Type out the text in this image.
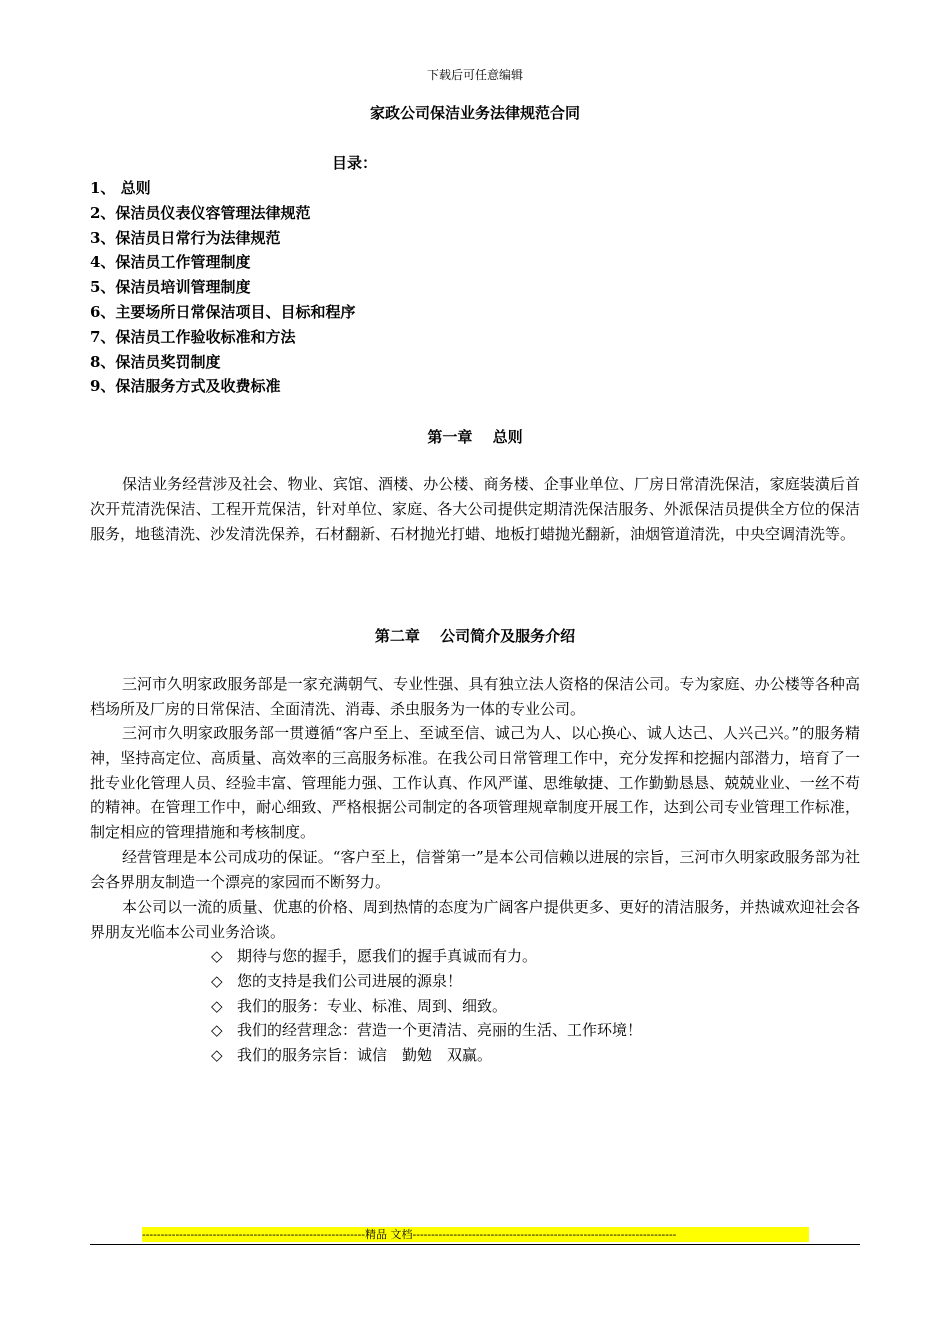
下载后可任意编辑
家政公司保洁业务法律规范合同
目录：
1、 总则
2、保洁员仪表仪容管理法律规范
3、保洁员日常行为法律规范
4、保洁员工作管理制度
5、保洁员培训管理制度
6、主要场所日常保洁项目、目标和程序
7、保洁员工作验收标准和方法
8、保洁员奖罚制度
9、保洁服务方式及收费标准
第一章　 总则

保洁业务经营涉及社会、物业、宾馆、酒楼、办公楼、商务楼、企事业单位、厂房日常清洗保洁，家庭装潢后首次开荒清洗保洁、工程开荒保洁，针对单位、家庭、各大公司提供定期清洗保洁服务、外派保洁员提供全方位的保洁服务，地毯清洗、沙发清洗保养，石材翻新、石材抛光打蜡、地板打蜡抛光翻新，油烟管道清洗，中央空调清洗等。

第二章　 公司简介及服务介绍

三河市久明家政服务部是一家充满朝气、专业性强、具有独立法人资格的保洁公司。专为家庭、办公楼等各种高档场所及厂房的日常保洁、全面清洗、消毒、杀虫服务为一体的专业公司。

三河市久明家政服务部一贯遵循“客户至上、至诚至信、诚己为人、以心换心、诚人达己、人兴己兴。”的服务精神，坚持高定位、高质量、高效率的三高服务标准。在我公司日常管理工作中，充分发挥和挖掘内部潜力，培育了一批专业化管理人员、经验丰富、管理能力强、工作认真、作风严谨、思维敏捷、工作勤勤恳恳、兢兢业业、一丝不苟的精神。在管理工作中，耐心细致、严格根据公司制定的各项管理规章制度开展工作，达到公司专业管理工作标准，制定相应的管理措施和考核制度。

经营管理是本公司成功的保证。“客户至上，信誉第一”是本公司信赖以进展的宗旨，三河市久明家政服务部为社会各界朋友制造一个漂亮的家园而不断努力。

本公司以一流的质量、优惠的价格、周到热情的态度为广阔客户提供更多、更好的清洁服务，并热诚欢迎社会各界朋友光临本公司业务洽谈。

◇ 期待与您的握手，愿我们的握手真诚而有力。
◇ 您的支持是我们公司进展的源泉！
◇ 我们的服务：专业、标准、周到、细致。
◇ 我们的经营理念：营造一个更清洁、亮丽的生活、工作环境！
◇ 我们的服务宗旨：诚信　勤勉　双赢。
------------------------------------------------------------精品 文档-----------------------------------------------------------------------
